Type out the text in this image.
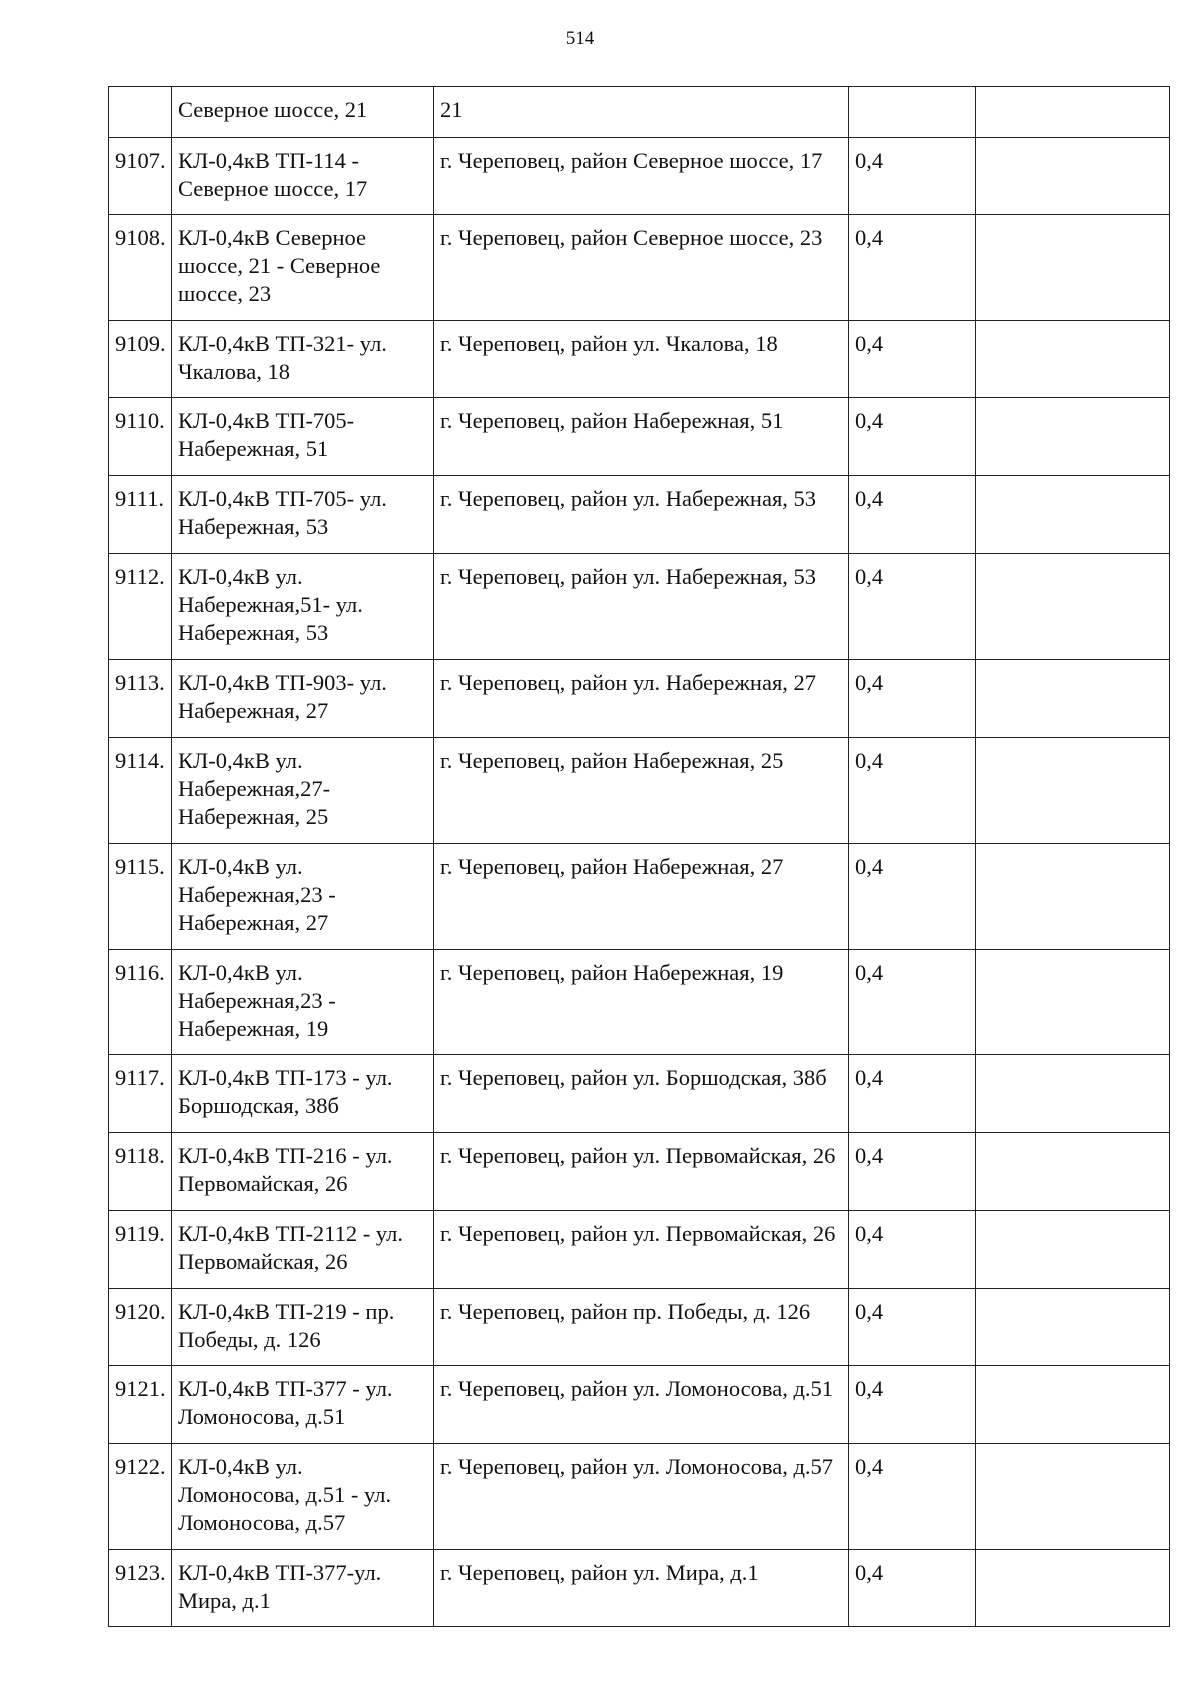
514
	Северное шоссе, 21	21		
9107.	КЛ-0,4кВ ТП-114 - Северное шоссе, 17	г. Череповец, район Северное шоссе, 17	0,4	
9108.	КЛ-0,4кВ Северное шоссе, 21 - Северное шоссе, 23	г. Череповец, район Северное шоссе, 23	0,4	
9109.	КЛ-0,4кВ ТП-321- ул. Чкалова, 18	г. Череповец, район ул. Чкалова, 18	0,4	
9110.	КЛ-0,4кВ ТП-705- Набережная, 51	г. Череповец, район Набережная, 51	0,4	
9111.	КЛ-0,4кВ ТП-705- ул. Набережная, 53	г. Череповец, район ул. Набережная, 53	0,4	
9112.	КЛ-0,4кВ ул. Набережная,51- ул. Набережная, 53	г. Череповец, район ул. Набережная, 53	0,4	
9113.	КЛ-0,4кВ ТП-903- ул. Набережная, 27	г. Череповец, район ул. Набережная, 27	0,4	
9114.	КЛ-0,4кВ ул. Набережная,27- Набережная, 25	г. Череповец, район Набережная, 25	0,4	
9115.	КЛ-0,4кВ ул. Набережная,23 - Набережная, 27	г. Череповец, район Набережная, 27	0,4	
9116.	КЛ-0,4кВ ул. Набережная,23 - Набережная, 19	г. Череповец, район Набережная, 19	0,4	
9117.	КЛ-0,4кВ ТП-173 - ул. Боршодская, 38б	г. Череповец, район ул. Боршодская, 38б	0,4	
9118.	КЛ-0,4кВ ТП-216 - ул. Первомайская, 26	г. Череповец, район ул. Первомайская, 26	0,4	
9119.	КЛ-0,4кВ ТП-2112 - ул. Первомайская, 26	г. Череповец, район ул. Первомайская, 26	0,4	
9120.	КЛ-0,4кВ ТП-219 - пр. Победы, д. 126	г. Череповец, район пр. Победы, д. 126	0,4	
9121.	КЛ-0,4кВ ТП-377 - ул. Ломоносова, д.51	г. Череповец, район ул. Ломоносова, д.51	0,4	
9122.	КЛ-0,4кВ ул. Ломоносова, д.51 - ул. Ломоносова, д.57	г. Череповец, район ул. Ломоносова, д.57	0,4	
9123.	КЛ-0,4кВ ТП-377-ул. Мира, д.1	г. Череповец, район ул. Мира, д.1	0,4	
